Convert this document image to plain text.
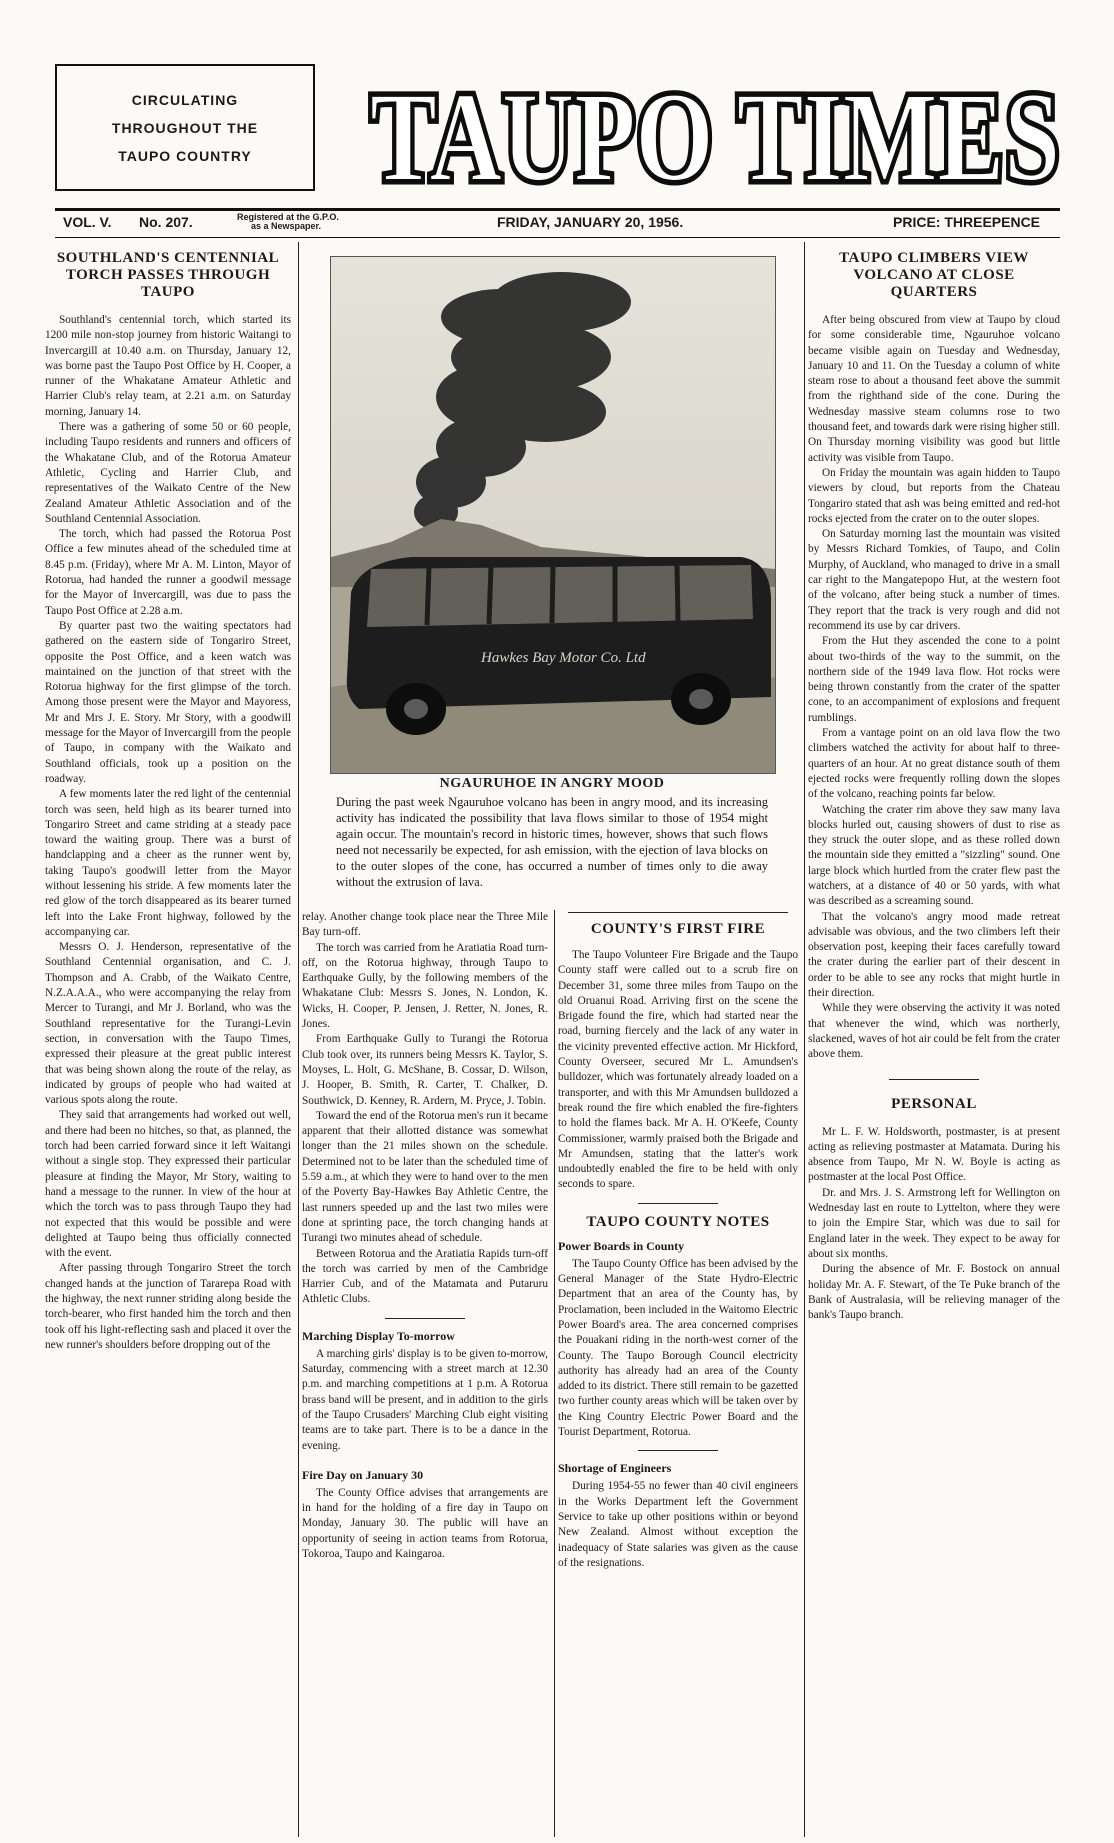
CIRCULATING
THROUGHOUT THE
TAUPO COUNTRY TAUPO TIMES
TAUPO TIMES
VOL. V. No. 207.	Registered at the G.P.O.
as a Newspaper.	FRIDAY, JANUARY 20, 1956.	PRICE: THREEPENCE
SOUTHLAND'S CENTENNIAL TORCH PASSES THROUGH TAUPO

Southland's centennial torch, which started its 1200 mile non-stop journey from historic Waitangi to Invercargill at 10.40 a.m. on Thursday, January 12, was borne past the Taupo Post Office by H. Cooper, a runner of the Whakatane Amateur Athletic and Harrier Club's relay team, at 2.21 a.m. on Saturday morning, January 14.

There was a gathering of some 50 or 60 people, including Taupo residents and runners and officers of the Whakatane Club, and of the Rotorua Amateur Athletic, Cycling and Harrier Club, and representatives of the Waikato Centre of the New Zealand Amateur Athletic Association and of the Southland Centennial Association.

The torch, which had passed the Rotorua Post Office a few minutes ahead of the scheduled time at 8.45 p.m. (Friday), where Mr A. M. Linton, Mayor of Rotorua, had handed the runner a goodwil message for the Mayor of Invercargill, was due to pass the Taupo Post Office at 2.28 a.m.

By quarter past two the waiting spectators had gathered on the eastern side of Tongariro Street, opposite the Post Office, and a keen watch was maintained on the junction of that street with the Rotorua highway for the first glimpse of the torch. Among those present were the Mayor and Mayoress, Mr and Mrs J. E. Story. Mr Story, with a goodwill message for the Mayor of Invercargill from the people of Taupo, in company with the Waikato and Southland officials, took up a position on the roadway.

A few moments later the red light of the centennial torch was seen, held high as its bearer turned into Tongariro Street and came striding at a steady pace toward the waiting group. There was a burst of handclapping and a cheer as the runner went by, taking Taupo's goodwill letter from the Mayor without lessening his stride. A few moments later the red glow of the torch disappeared as its bearer turned left into the Lake Front highway, followed by the accompanying car.

Messrs O. J. Henderson, representative of the Southland Centennial organisation, and C. J. Thompson and A. Crabb, of the Waikato Centre, N.Z.A.A.A., who were accompanying the relay from Mercer to Turangi, and Mr J. Borland, who was the Southland representative for the Turangi-Levin section, in conversation with the Taupo Times, expressed their pleasure at the great public interest that was being shown along the route of the relay, as indicated by groups of people who had waited at various spots along the route.

They said that arrangements had worked out well, and there had been no hitches, so that, as planned, the torch had been carried forward since it left Waitangi without a single stop. They expressed their particular pleasure at finding the Mayor, Mr Story, waiting to hand a message to the runner. In view of the hour at which the torch was to pass through Taupo they had not expected that this would be possible and were delighted at Taupo being thus officially connected with the event.

After passing through Tongariro Street the torch changed hands at the junction of Tararepa Road with the highway, the next runner striding along beside the torch-bearer, who first handed him the torch and then took off his light-reflecting sash and placed it over the new runner's shoulders before dropping out of the

Hawkes Bay Motor Co. Ltd
NGAURUHOE IN ANGRY MOOD
During the past week Ngauruhoe volcano has been in angry mood, and its increasing activity has indicated the possibility that lava flows similar to those of 1954 might again occur. The mountain's record in historic times, however, shows that such flows need not necessarily be expected, for ash emission, with the ejection of lava blocks on to the outer slopes of the cone, has occurred a number of times only to die away without the extrusion of lava.

relay. Another change took place near the Three Mile Bay turn-off.

The torch was carried from he Aratiatia Road turn-off, on the Rotorua highway, through Taupo to Earthquake Gully, by the following members of the Whakatane Club: Messrs S. Jones, N. London, K. Wicks, H. Cooper, P. Jensen, J. Retter, N. Jones, R. Jones.

From Earthquake Gully to Turangi the Rotorua Club took over, its runners being Messrs K. Taylor, S. Moyses, L. Holt, G. McShane, B. Cossar, D. Wilson, J. Hooper, B. Smith, R. Carter, T. Chalker, D. Southwick, D. Kenney, R. Ardern, M. Pryce, J. Tobin.

Toward the end of the Rotorua men's run it became apparent that their allotted distance was somewhat longer than the 21 miles shown on the schedule. Determined not to be later than the scheduled time of 5.59 a.m., at which they were to hand over to the men of the Poverty Bay-Hawkes Bay Athletic Centre, the last runners speeded up and the last two miles were done at sprinting pace, the torch changing hands at Turangi two minutes ahead of schedule.

Between Rotorua and the Aratiatia Rapids turn-off the torch was carried by men of the Cambridge Harrier Cub, and of the Matamata and Putaruru Athletic Clubs.

Marching Display To-morrow

A marching girls' display is to be given to-morrow, Saturday, commencing with a street march at 12.30 p.m. and marching competitions at 1 p.m. A Rotorua brass band will be present, and in addition to the girls of the Taupo Crusaders' Marching Club eight visiting teams are to take part. There is to be a dance in the evening.

Fire Day on January 30

The County Office advises that arrangements are in hand for the holding of a fire day in Taupo on Monday, January 30. The public will have an opportunity of seeing in action teams from Rotorua, Tokoroa, Taupo and Kaingaroa.

COUNTY'S FIRST FIRE

The Taupo Volunteer Fire Brigade and the Taupo County staff were called out to a scrub fire on December 31, some three miles from Taupo on the old Oruanui Road. Arriving first on the scene the Brigade found the fire, which had started near the road, burning fiercely and the lack of any water in the vicinity prevented effective action. Mr Hickford, County Overseer, secured Mr L. Amundsen's bulldozer, which was fortunately already loaded on a transporter, and with this Mr Amundsen bulldozed a break round the fire which enabled the fire-fighters to hold the flames back. Mr A. H. O'Keefe, County Commissioner, warmly praised both the Brigade and Mr Amundsen, stating that the latter's work undoubtedly enabled the fire to be held with only seconds to spare.

TAUPO COUNTY NOTES
Power Boards in County

The Taupo County Office has been advised by the General Manager of the State Hydro-Electric Department that an area of the County has, by Proclamation, been included in the Waitomo Electric Power Board's area. The area concerned comprises the Pouakani riding in the north-west corner of the County. The Taupo Borough Council electricity authority has already had an area of the County added to its district. There still remain to be gazetted two further county areas which will be taken over by the King Country Electric Power Board and the Tourist Department, Rotorua.

Shortage of Engineers

During 1954-55 no fewer than 40 civil engineers in the Works Department left the Government Service to take up other positions within or beyond New Zealand. Almost without exception the inadequacy of State salaries was given as the cause of the resignations.

TAUPO CLIMBERS VIEW VOLCANO AT CLOSE QUARTERS

After being obscured from view at Taupo by cloud for some considerable time, Ngauruhoe volcano became visible again on Tuesday and Wednesday, January 10 and 11. On the Tuesday a column of white steam rose to about a thousand feet above the summit from the righthand side of the cone. During the Wednesday massive steam columns rose to two thousand feet, and towards dark were rising higher still. On Thursday morning visibility was good but little activity was visible from Taupo.

On Friday the mountain was again hidden to Taupo viewers by cloud, but reports from the Chateau Tongariro stated that ash was being emitted and red-hot rocks ejected from the crater on to the outer slopes.

On Saturday morning last the mountain was visited by Messrs Richard Tomkies, of Taupo, and Colin Murphy, of Auckland, who managed to drive in a small car right to the Mangatepopo Hut, at the western foot of the volcano, after being stuck a number of times. They report that the track is very rough and did not recommend its use by car drivers.

From the Hut they ascended the cone to a point about two-thirds of the way to the summit, on the northern side of the 1949 lava flow. Hot rocks were being thrown constantly from the crater of the spatter cone, to an accompaniment of explosions and frequent rumblings.

From a vantage point on an old lava flow the two climbers watched the activity for about half to three-quarters of an hour. At no great distance south of them ejected rocks were frequently rolling down the slopes of the volcano, reaching points far below.

Watching the crater rim above they saw many lava blocks hurled out, causing showers of dust to rise as they struck the outer slope, and as these rolled down the mountain side they emitted a "sizzling" sound. One large block which hurtled from the crater flew past the watchers, at a distance of 40 or 50 yards, with what was described as a screaming sound.

That the volcano's angry mood made retreat advisable was obvious, and the two climbers left their observation post, keeping their faces carefully toward the crater during the earlier part of their descent in order to be able to see any rocks that might hurtle in their direction.

While they were observing the activity it was noted that whenever the wind, which was northerly, slackened, waves of hot air could be felt from the crater above them.

PERSONAL

Mr L. F. W. Holdsworth, postmaster, is at present acting as relieving postmaster at Matamata. During his absence from Taupo, Mr N. W. Boyle is acting as postmaster at the local Post Office.

Dr. and Mrs. J. S. Armstrong left for Wellington on Wednesday last en route to Lyttelton, where they were to join the Empire Star, which was due to sail for England later in the week. They expect to be away for about six months.

During the absence of Mr. F. Bostock on annual holiday Mr. A. F. Stewart, of the Te Puke branch of the Bank of Australasia, will be relieving manager of the bank's Taupo branch.
